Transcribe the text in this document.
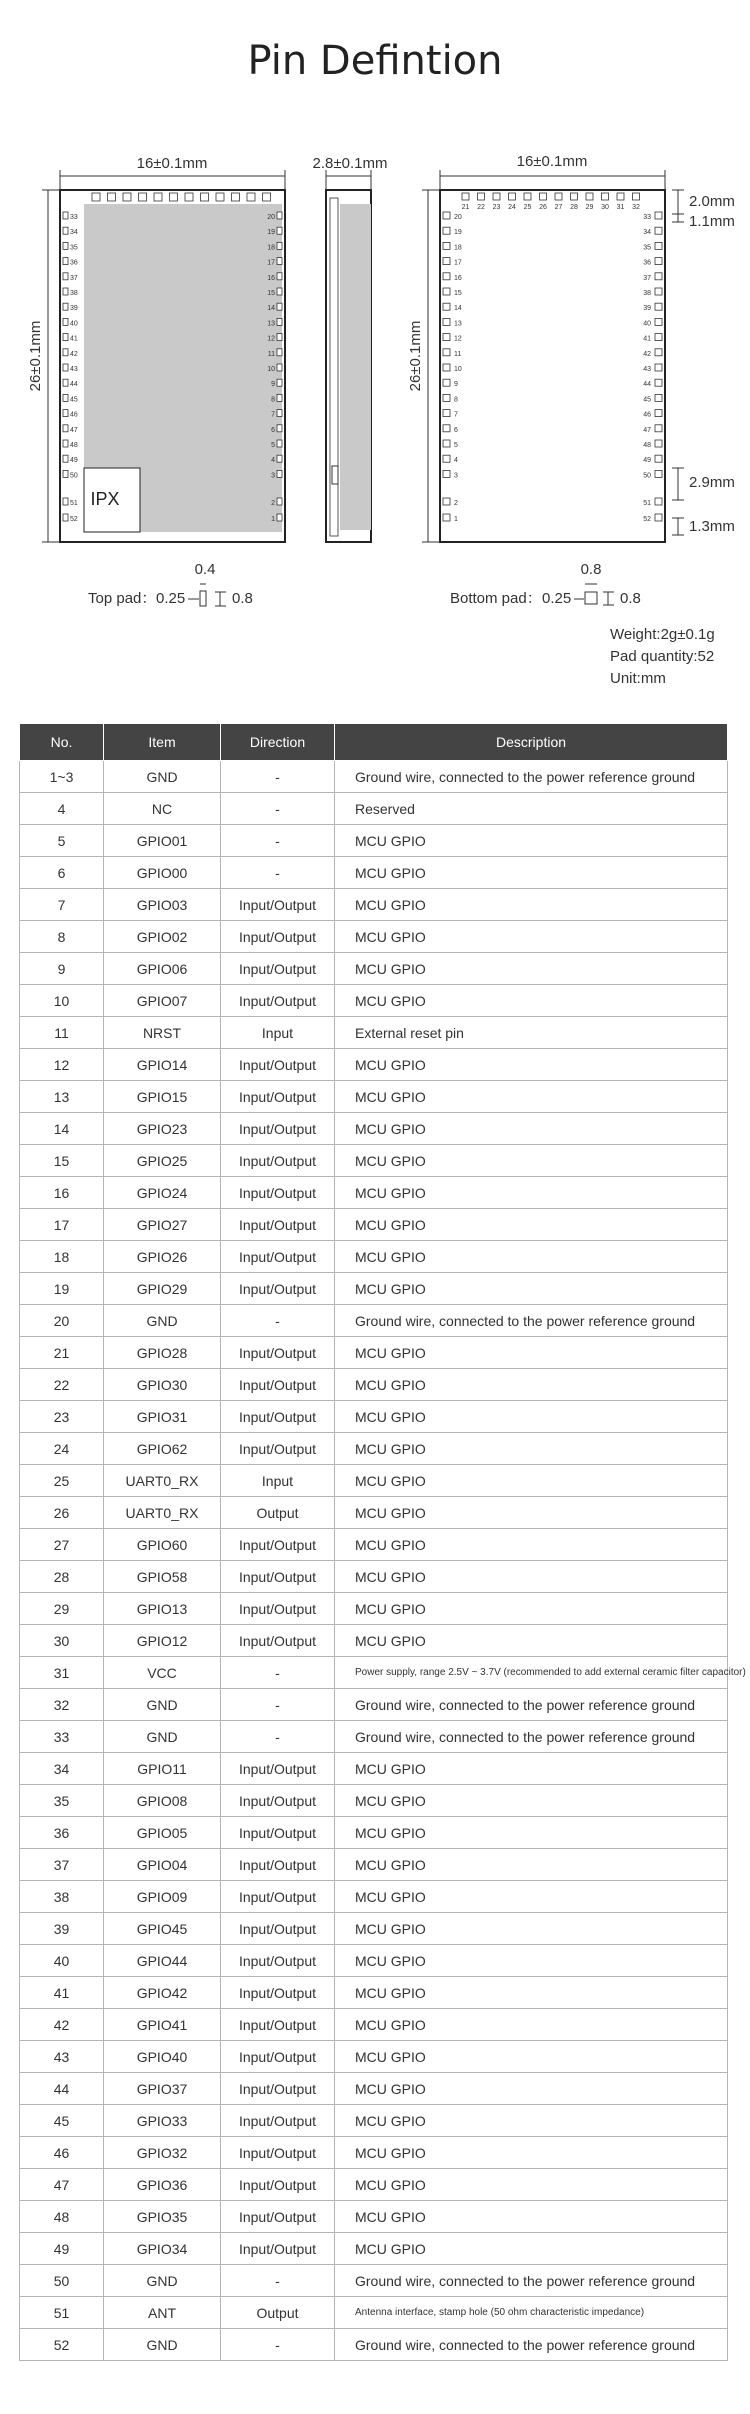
Pin Defintion
33
34
35
36
37
38
39
40
41
42
43
44
45
46
47
48
49
50
20
19
18
17
16
15
14
13
12
11
10
9
8
7
6
5
4
3
51
52
2
1
16±0.1mm
26±0.1mm
IPX
2.8±0.1mm
21 22 23 24 25 26 27 28 29 30 31 32
20
19
18
17
16
15
14
13
12
11
10
9
8
7
6
5
4
3
33
34
35
36
37
38
39
40
41
42
43
44
45
46
47
48
49
50
2
1
51
52
16±0.1mm
26±0.1mm
2.0mm
1.1mm
2.9mm
1.3mm
0.4
Top pad： 0.25	0.8
0.8
Bottom pad： 0.25	0.8
Weight:2g±0.1g
Pad quantity:52
Unit:mm
No.	Item	Direction	Description
1~3	GND	-	Ground wire, connected to the power reference ground
4	NC	-	Reserved
5	GPIO01	-	MCU GPIO
6	GPIO00	-	MCU GPIO
7	GPIO03	Input/Output	MCU GPIO
8	GPIO02	Input/Output	MCU GPIO
9	GPIO06	Input/Output	MCU GPIO
10	GPIO07	Input/Output	MCU GPIO
11	NRST	Input	External reset pin
12	GPIO14	Input/Output	MCU GPIO
13	GPIO15	Input/Output	MCU GPIO
14	GPIO23	Input/Output	MCU GPIO
15	GPIO25	Input/Output	MCU GPIO
16	GPIO24	Input/Output	MCU GPIO
17	GPIO27	Input/Output	MCU GPIO
18	GPIO26	Input/Output	MCU GPIO
19	GPIO29	Input/Output	MCU GPIO
20	GND	-	Ground wire, connected to the power reference ground
21	GPIO28	Input/Output	MCU GPIO
22	GPIO30	Input/Output	MCU GPIO
23	GPIO31	Input/Output	MCU GPIO
24	GPIO62	Input/Output	MCU GPIO
25	UART0_RX	Input	MCU GPIO
26	UART0_RX	Output	MCU GPIO
27	GPIO60	Input/Output	MCU GPIO
28	GPIO58	Input/Output	MCU GPIO
29	GPIO13	Input/Output	MCU GPIO
30	GPIO12	Input/Output	MCU GPIO
31	VCC	-	Power supply, range 2.5V ~ 3.7V (recommended to add external ceramic filter capacitor)
32	GND	-	Ground wire, connected to the power reference ground
33	GND	-	Ground wire, connected to the power reference ground
34	GPIO11	Input/Output	MCU GPIO
35	GPIO08	Input/Output	MCU GPIO
36	GPIO05	Input/Output	MCU GPIO
37	GPIO04	Input/Output	MCU GPIO
38	GPIO09	Input/Output	MCU GPIO
39	GPIO45	Input/Output	MCU GPIO
40	GPIO44	Input/Output	MCU GPIO
41	GPIO42	Input/Output	MCU GPIO
42	GPIO41	Input/Output	MCU GPIO
43	GPIO40	Input/Output	MCU GPIO
44	GPIO37	Input/Output	MCU GPIO
45	GPIO33	Input/Output	MCU GPIO
46	GPIO32	Input/Output	MCU GPIO
47	GPIO36	Input/Output	MCU GPIO
48	GPIO35	Input/Output	MCU GPIO
49	GPIO34	Input/Output	MCU GPIO
50	GND	-	Ground wire, connected to the power reference ground
51	ANT	Output	Antenna interface, stamp hole (50 ohm characteristic impedance)
52	GND	-	Ground wire, connected to the power reference ground
